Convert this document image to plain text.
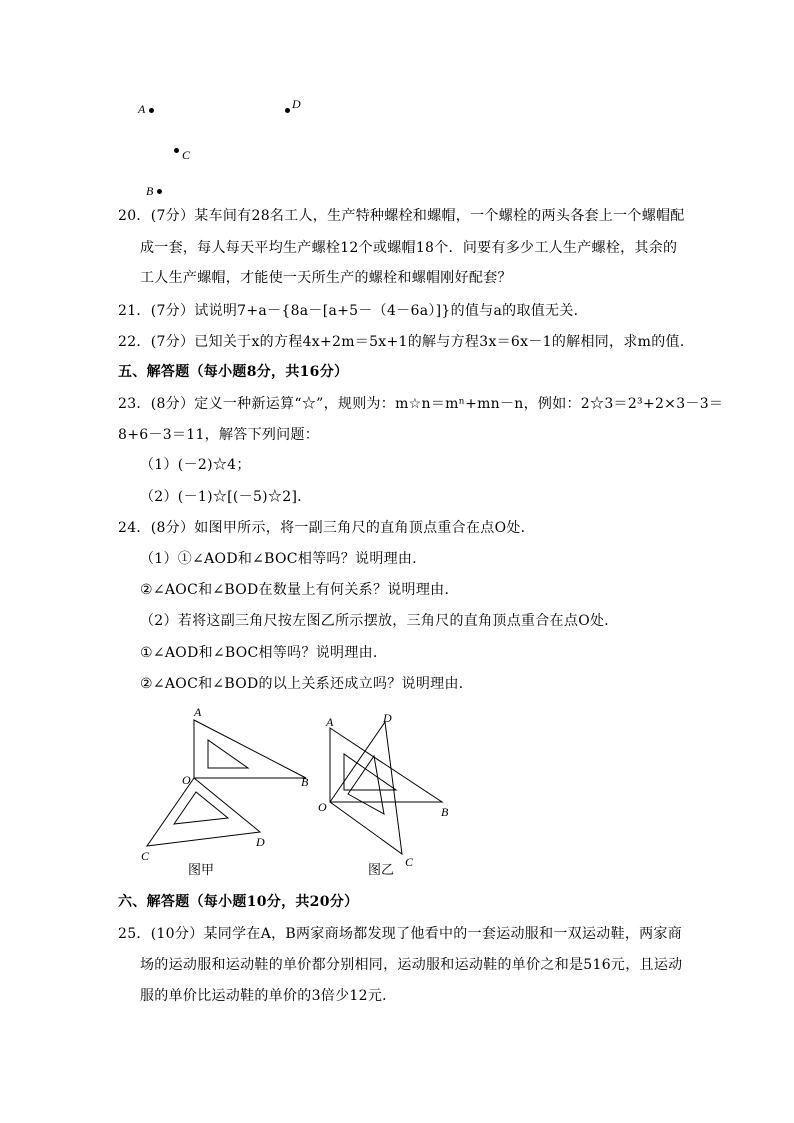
A	D
C
B
20．(7分）某车间有28名工人，生产特种螺栓和螺帽，一个螺栓的两头各套上一个螺帽配
成一套，每人每天平均生产螺栓12个或螺帽18个．问要有多少工人生产螺栓，其余的
工人生产螺帽，才能使一天所生产的螺栓和螺帽刚好配套？
21．(7分）试说明7+a－{8a－[a+5－（4－6a）]}的值与a的取值无关．
22．(7分）已知关于x的方程4x+2m＝5x+1的解与方程3x＝6x－1的解相同，求m的值．
五、解答题（每小题8分，共16分）
23．(8分）定义一种新运算“☆”，规则为：m☆n＝mⁿ+mn－n，例如：2☆3＝2³+2×3－3＝
8+6－3＝11，解答下列问题：
（1）(－2)☆4；
（2）(－1)☆[(－5)☆2]．
24．(8分）如图甲所示，将一副三角尺的直角顶点重合在点O处．
（1）①∠AOD和∠BOC相等吗？说明理由．
②∠AOC和∠BOD在数量上有何关系？说明理由．
（2）若将这副三角尺按左图乙所示摆放，三角尺的直角顶点重合在点O处．
①∠AOD和∠BOC相等吗？说明理由．
②∠AOC和∠BOD的以上关系还成立吗？说明理由．
A
O	B
C
D
图甲
A	D
O	B
C
图乙
六、解答题（每小题10分，共20分）
25．(10分）某同学在A，B两家商场都发现了他看中的一套运动服和一双运动鞋，两家商
场的运动服和运动鞋的单价都分别相同，运动服和运动鞋的单价之和是516元，且运动
服的单价比运动鞋的单价的3倍少12元．
